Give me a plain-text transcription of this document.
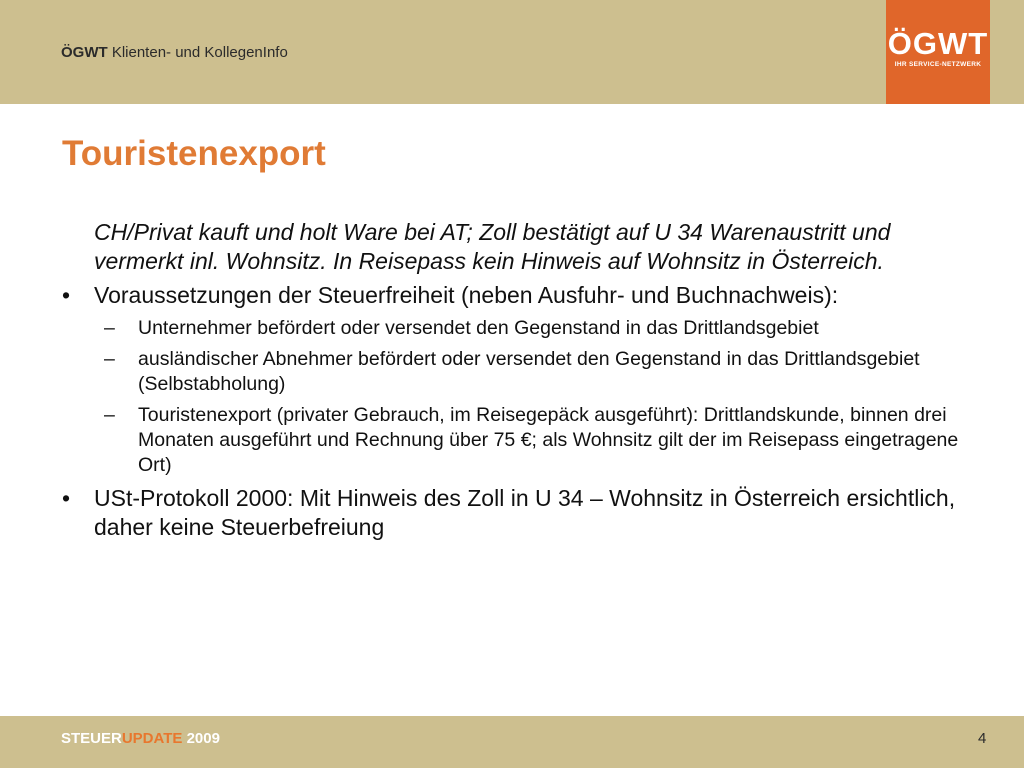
ÖGWT Klienten- und KollegenInfo	ÖGWT
IHR SERVICE-NETZWERK
Touristenexport

CH/Privat kauft und holt Ware bei AT; Zoll bestätigt auf U 34 Warenaustritt und vermerkt inl. Wohnsitz. In Reisepass kein Hinweis auf Wohnsitz in Österreich.

•	Voraussetzungen der Steuerfreiheit (neben Ausfuhr- und Buchnachweis):
–	Unternehmer befördert oder versendet den Gegenstand in das Drittlandsgebiet
–	ausländischer Abnehmer befördert oder versendet den Gegenstand in das Drittlandsgebiet (Selbstabholung)
–	Touristenexport (privater Gebrauch, im Reisegepäck ausgeführt): Drittlandskunde, binnen drei Monaten ausgeführt und Rechnung über 75 €; als Wohnsitz gilt der im Reisepass eingetragene Ort)
•	USt-Protokoll 2000: Mit Hinweis des Zoll in U 34 – Wohnsitz in Österreich ersichtlich, daher keine Steuerbefreiung
STEUERUPDATE 2009	4
